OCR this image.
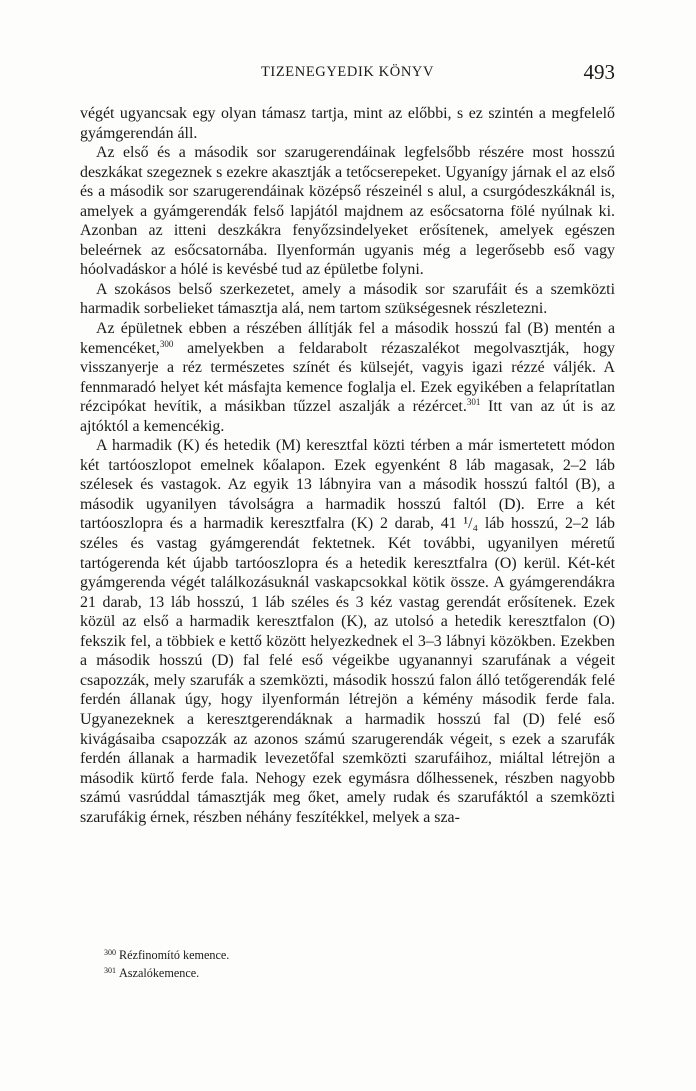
TIZENEGYEDIK KÖNYV	493

végét ugyancsak egy olyan támasz tartja, mint az előbbi, s ez szintén a megfelelő gyámgerendán áll.

Az első és a második sor szarugerendáinak legfelsőbb részére most hosszú deszkákat szegeznek s ezekre akasztják a tetőcserepeket. Ugyanígy járnak el az első és a második sor szarugerendáinak középső részeinél s alul, a csurgódeszkáknál is, amelyek a gyámgerendák felső lapjától majdnem az esőcsatorna fölé nyúlnak ki. Azonban az itteni deszkákra fenyőzsindelyeket erősítenek, amelyek egészen beleérnek az esőcsatornába. Ilyenformán ugyanis még a legerősebb eső vagy hóolvadáskor a hólé is kevésbé tud az épületbe folyni.

A szokásos belső szerkezetet, amely a második sor szarufáit és a szemközti harmadik sorbelieket támasztja alá, nem tartom szükségesnek részletezni.

Az épületnek ebben a részében állítják fel a második hosszú fal (B) mentén a kemencéket,$^{300}$ amelyekben a feldarabolt rézaszalékot megolvasztják, hogy visszanyerje a réz természetes színét és külsejét, vagyis igazi rézzé váljék. A fennmaradó helyet két másfajta kemence foglalja el. Ezek egyikében a felaprítatlan rézcipókat hevítik, a másikban tűzzel aszalják a rézércet.$^{301}$ Itt van az út is az ajtóktól a kemencékig.

A harmadik (K) és hetedik (M) keresztfal közti térben a már ismertetett módon két tartóoszlopot emelnek kőalapon. Ezek egyenként 8 láb magasak, 2–2 láb szélesek és vastagok. Az egyik 13 lábnyira van a második hosszú faltól (B), a második ugyanilyen távolságra a harmadik hosszú faltól (D). Erre a két tartóoszlopra és a harmadik keresztfalra (K) 2 darab, 41 ¹/₄ láb hosszú, 2–2 láb széles és vastag gyámgerendát fektetnek. Két további, ugyanilyen méretű tartógerenda két újabb tartóoszlopra és a hetedik keresztfalra (O) kerül. Két-két gyámgerenda végét találkozásuknál vaskapcsokkal kötik össze. A gyámgerendákra 21 darab, 13 láb hosszú, 1 láb széles és 3 kéz vastag gerendát erősítenek. Ezek közül az első a harmadik keresztfalon (K), az utolsó a hetedik keresztfalon (O) fekszik fel, a többiek e kettő között helyezkednek el 3–3 lábnyi közökben. Ezekben a második hosszú (D) fal felé eső végeikbe ugyanannyi szarufának a végeit csapozzák, mely szarufák a szemközti, második hosszú falon álló tetőgerendák felé ferdén állanak úgy, hogy ilyenformán létrejön a kémény második ferde fala. Ugyanezeknek a keresztgerendáknak a harmadik hosszú fal (D) felé eső kivágásaiba csapozzák az azonos számú szarugerendák végeit, s ezek a szarufák ferdén állanak a harmadik levezetőfal szemközti szarufáihoz, miáltal létrejön a második kürtő ferde fala. Nehogy ezek egymásra dőlhessenek, részben nagyobb számú vasrúddal támasztják meg őket, amely rudak és szarufáktól a szemközti szarufákig érnek, részben néhány feszítékkel, melyek a sza-

$^{300}$ Rézfinomító kemence.
$^{301}$ Aszalókemence.
